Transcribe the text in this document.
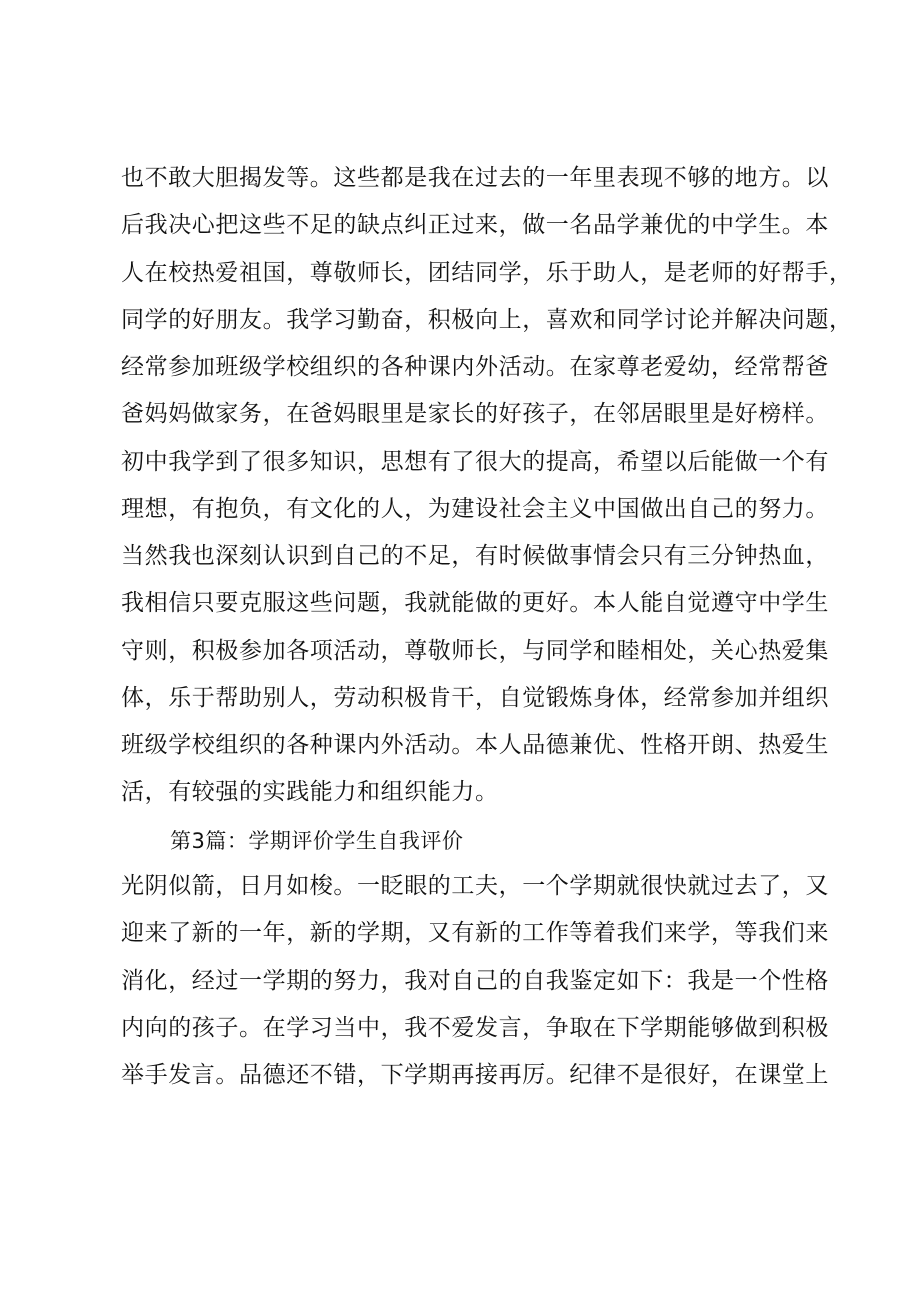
也不敢大胆揭发等。这些都是我在过去的一年里表现不够的地方。以
后我决心把这些不足的缺点纠正过来，做一名品学兼优的中学生。本
人在校热爱祖国，尊敬师长，团结同学，乐于助人，是老师的好帮手，
同学的好朋友。我学习勤奋，积极向上，喜欢和同学讨论并解决问题，
经常参加班级学校组织的各种课内外活动。在家尊老爱幼，经常帮爸
爸妈妈做家务，在爸妈眼里是家长的好孩子，在邻居眼里是好榜样。
初中我学到了很多知识，思想有了很大的提高，希望以后能做一个有
理想，有抱负，有文化的人，为建设社会主义中国做出自己的努力。
当然我也深刻认识到自己的不足，有时候做事情会只有三分钟热血，
我相信只要克服这些问题，我就能做的更好。本人能自觉遵守中学生
守则，积极参加各项活动，尊敬师长，与同学和睦相处，关心热爱集
体，乐于帮助别人，劳动积极肯干，自觉锻炼身体，经常参加并组织
班级学校组织的各种课内外活动。本人品德兼优、性格开朗、热爱生
活，有较强的实践能力和组织能力。
第3篇：学期评价学生自我评价
光阴似箭，日月如梭。一眨眼的工夫，一个学期就很快就过去了，又
迎来了新的一年，新的学期，又有新的工作等着我们来学，等我们来
消化，经过一学期的努力，我对自己的自我鉴定如下：我是一个性格
内向的孩子。在学习当中，我不爱发言，争取在下学期能够做到积极
举手发言。品德还不错，下学期再接再厉。纪律不是很好，在课堂上
